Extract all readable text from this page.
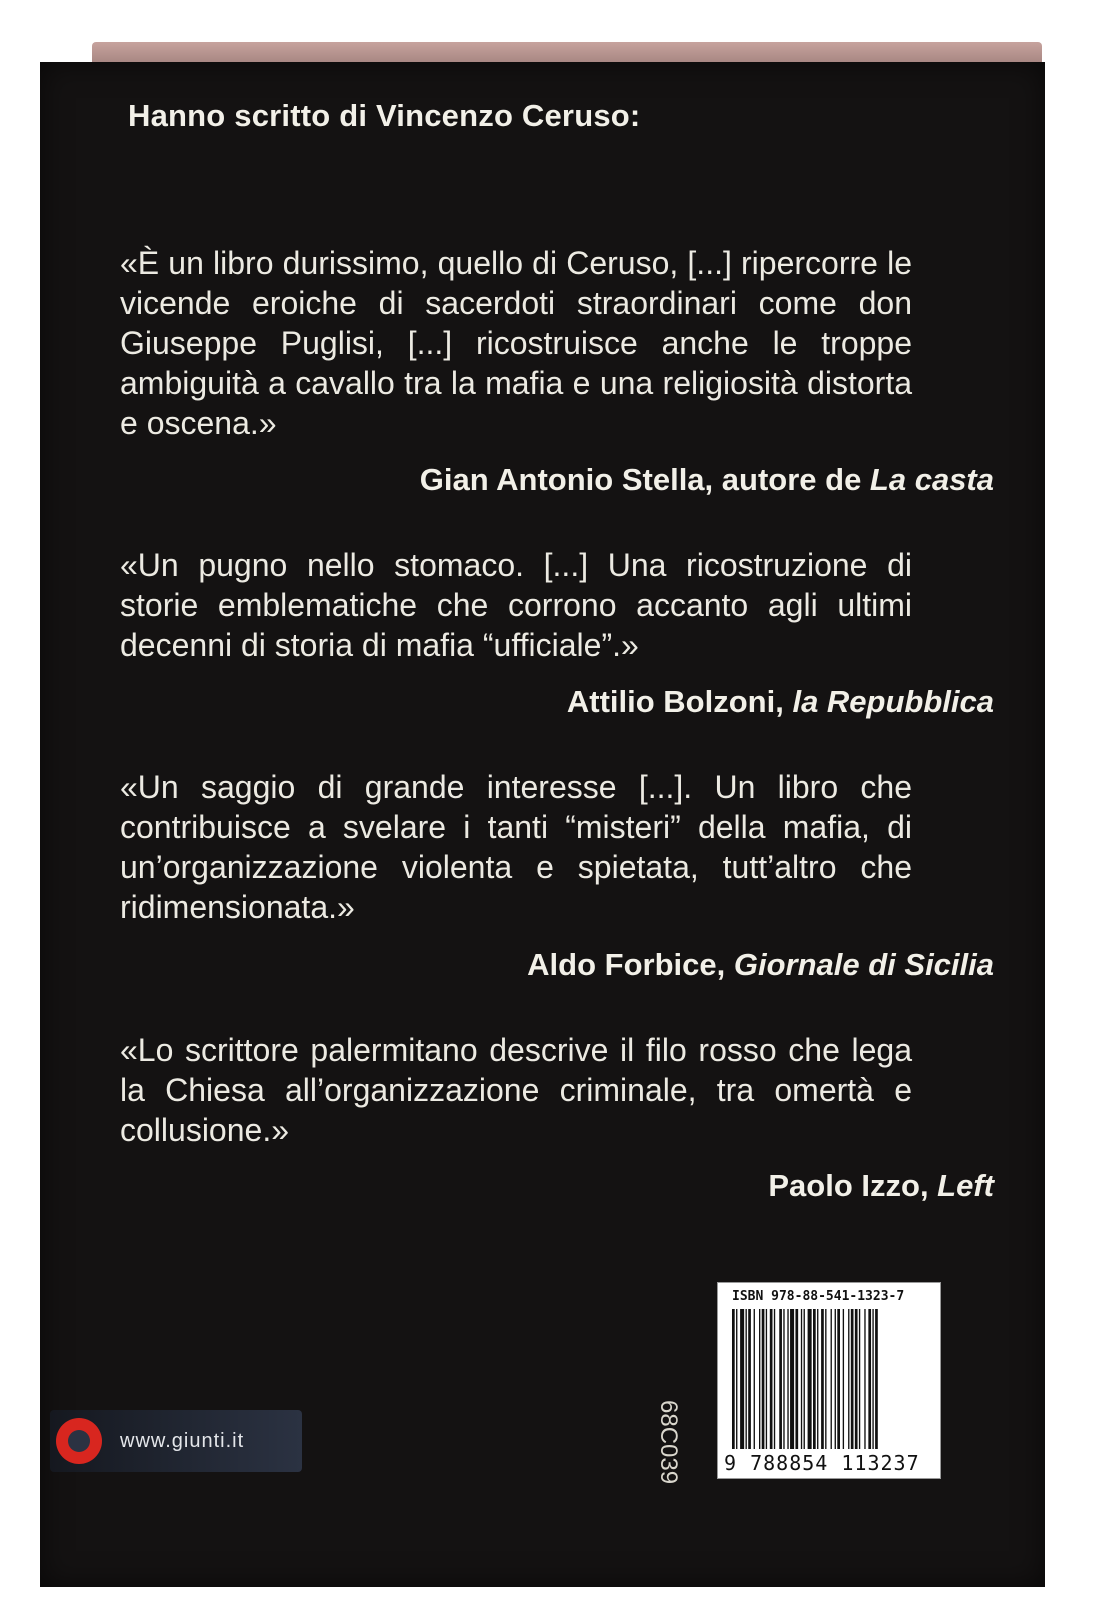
Hanno scritto di Vincenzo Ceruso:

«È un libro durissimo, quello di Ceruso, [...] ripercorre le vicende eroiche di sacerdoti straordinari come don Giuseppe Puglisi, [...] ricostruisce anche le troppe ambiguità a cavallo tra la mafia e una religiosità distorta e oscena.»

Gian Antonio Stella, autore de La casta

«Un pugno nello stomaco. [...] Una ricostruzione di storie emblematiche che corrono accanto agli ultimi decenni di storia di mafia “ufficiale”.»

Attilio Bolzoni, la Repubblica

«Un saggio di grande interesse [...]. Un libro che contribuisce a svelare i tanti “misteri” della mafia, di un’organizzazione violenta e spietata, tutt’altro che ridimensionata.»

Aldo Forbice, Giornale di Sicilia

«Lo scrittore palermitano descrive il filo rosso che lega la Chiesa all’organizzazione criminale, tra omertà e collusione.»

Paolo Izzo, Left
www.giunti.it	68C039
ISBN 978-88-541-1323-7
9 788854 113237
